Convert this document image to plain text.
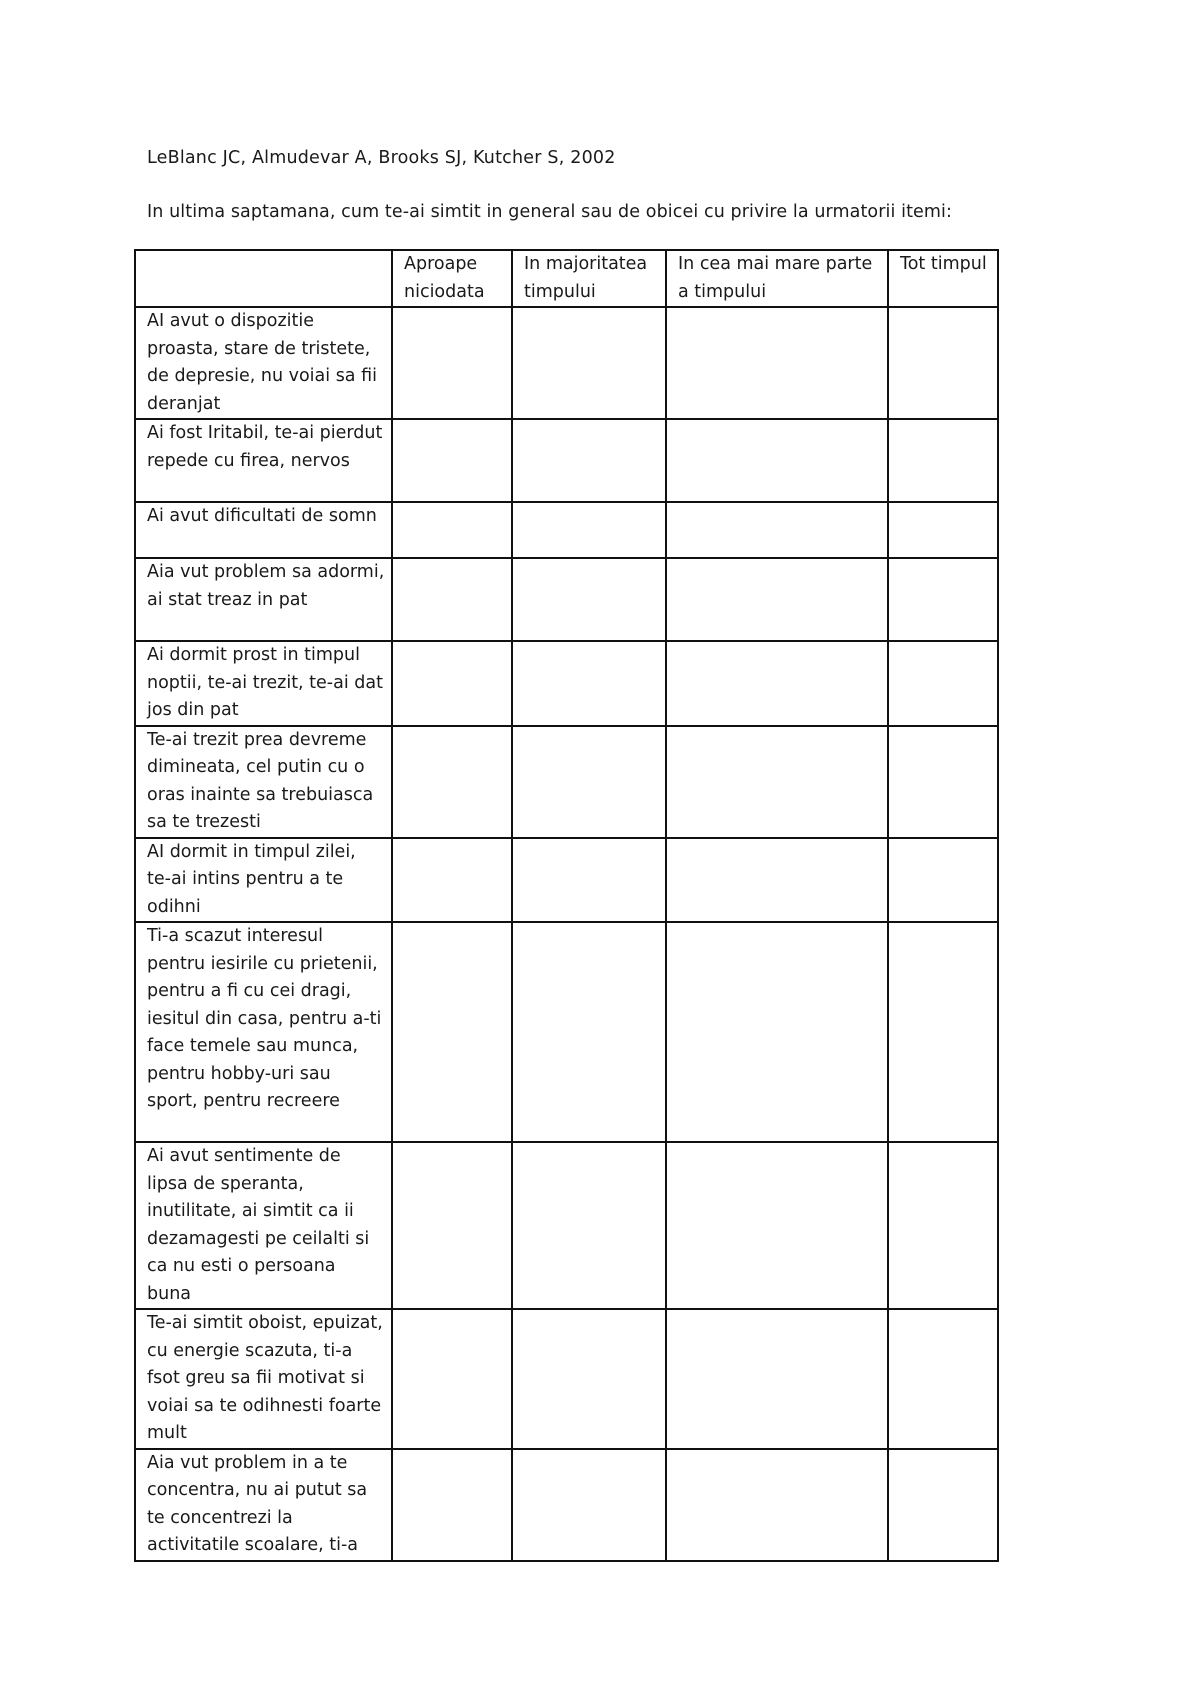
LeBlanc JC, Almudevar A, Brooks SJ, Kutcher S, 2002
In ultima saptamana, cum te-ai simtit in general sau de obicei cu privire la urmatorii itemi:
	Aproape niciodata	In majoritatea timpului	In cea mai mare parte a timpului	Tot timpul
AI avut o dispozitie proasta, stare de tristete, de depresie, nu voiai sa fii deranjat				
Ai fost Iritabil, te-ai pierdut repede cu firea, nervos				
Ai avut dificultati de somn				
Aia vut problem sa adormi, ai stat treaz in pat				
Ai dormit prost in timpul noptii, te-ai trezit, te-ai dat jos din pat				
Te-ai trezit prea devreme dimineata, cel putin cu o oras inainte sa trebuiasca sa te trezesti				
AI dormit in timpul zilei, te-ai intins pentru a te odihni				
Ti-a scazut interesul pentru iesirile cu prietenii, pentru a fi cu cei dragi, iesitul din casa, pentru a-ti face temele sau munca, pentru hobby-uri sau sport, pentru recreere				
Ai avut sentimente de lipsa de speranta, inutilitate, ai simtit ca ii dezamagesti pe ceilalti si ca nu esti o persoana buna				
Te-ai simtit oboist, epuizat, cu energie scazuta, ti-a fsot greu sa fii motivat si voiai sa te odihnesti foarte mult				
Aia vut problem in a te concentra, nu ai putut sa te concentrezi la activitatile scoalare, ti-a				
